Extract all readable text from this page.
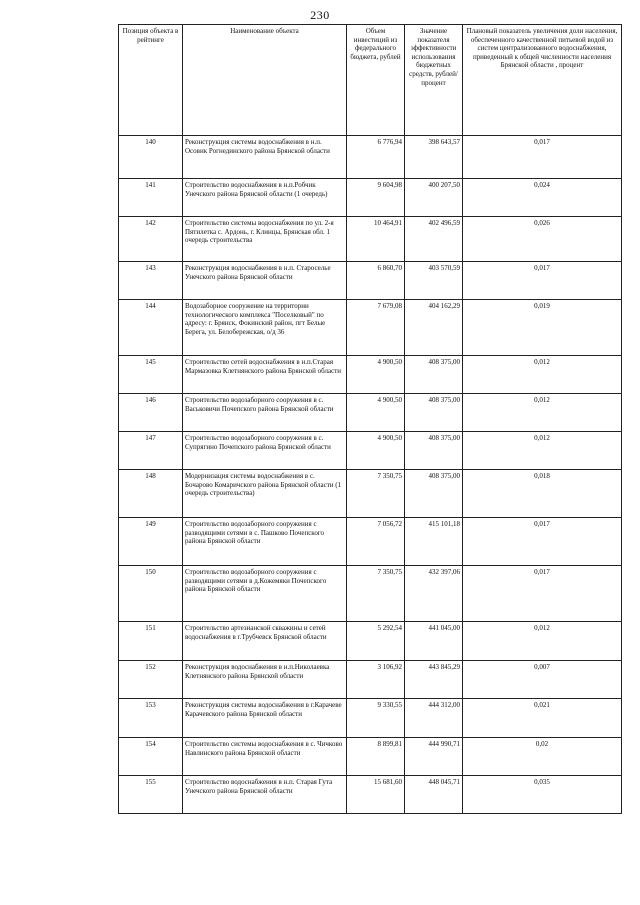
230
Позиция объекта в рейтинге	Наименование объекта	Объем инвестиций из федерального бюджета, рублей	Значение показателя эффективности использования бюджетных средств, рублей/процент	Плановый показатель увеличения доли населения, обеспеченного качественной питьевой водой из систем централизованного водоснабжения, приведенный к общей численности населения Брянской области , процент
140	Реконструкция системы водоснабжения в н.п. Осовик Рогнединского района Брянской области	6 776,94	398 643,57	0,017
141	Строительство водоснабжения в н.п.Робчик Унечского района Брянской области (1 очередь)	9 604,98	400 207,50	0,024
142	Строительство системы водоснабжения по ул. 2-я Пятилетка с. Ардонь, г. Клинцы, Брянская обл. 1 очередь строительства	10 464,91	402 496,59	0,026
143	Реконструкция водоснабжения в н.п. Староселье Унечского района Брянской области	6 860,70	403 570,59	0,017
144	Водозаборное сооружение на территории технологического комплекса "Поселковый" по адресу: г. Брянск, Фокинский район, пгт Белые Берега, ул. Белобережская, о/д 36	7 679,08	404 162,29	0,019
145	Строительство сетей водоснабжения в н.п.Старая Мармазовка Клетнянского района Брянской области	4 900,50	408 375,00	0,012
146	Строительство водозаборного сооружения в с. Васьковичи Почепского района Брянской области	4 900,50	408 375,00	0,012
147	Строительство водозаборного сооружения в с. Супрягино Почепского района Брянской области	4 900,50	408 375,00	0,012
148	Модернизация системы водоснабжения в с. Бочарово Комаричского района Брянской области (1 очередь строительства)	7 350,75	408 375,00	0,018
149	Строительство водозаборного сооружения с разводящими сетями в с. Пашково Почепского района Брянской области	7 056,72	415 101,18	0,017
150	Строительство водозаборного сооружения с разводящими сетями в д.Кожемяки Почепского района Брянской области	7 350,75	432 397,06	0,017
151	Строительство артезианской скважины и сетей водоснабжения в г.Трубчевск Брянской области	5 292,54	441 045,00	0,012
152	Реконструкция водоснабжения в н.п.Николаевка Клетнянского района Брянской области	3 106,92	443 845,29	0,007
153	Реконструкция системы водоснабжения в г.Карачеве Карачевского района Брянской области	9 330,55	444 312,00	0,021
154	Строительство системы водоснабжения в с. Чичково Навлинского района Брянской области	8 899,81	444 990,71	0,02
155	Строительство водоснабжения в н.п. Старая Гута Унечского района Брянской области	15 681,60	448 045,71	0,035
